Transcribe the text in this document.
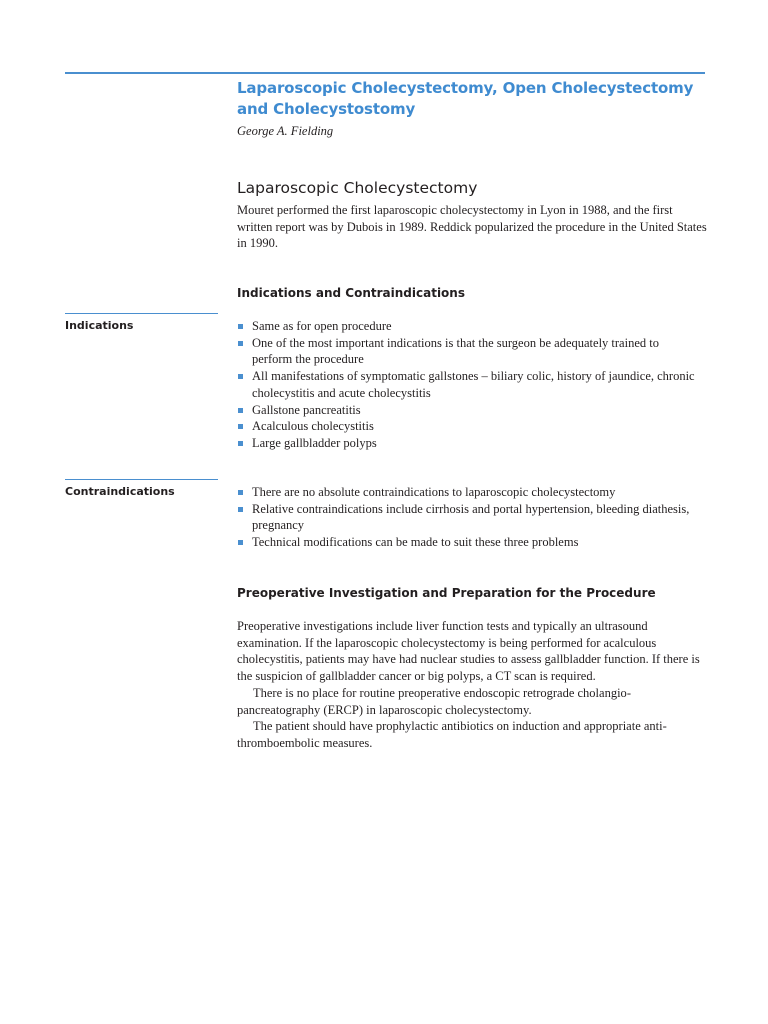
Laparoscopic Cholecystectomy, Open Cholecystectomy and Cholecystostomy

George A. Fielding

Laparoscopic Cholecystectomy

Mouret performed the first laparoscopic cholecystectomy in Lyon in 1988, and the first written report was by Dubois in 1989. Reddick popularized the procedure in the United States in 1990.

Indications and Contraindications

Indications	Same as for open procedure
One of the most important indications is that the surgeon be adequately trained to perform the procedure
All manifestations of symptomatic gallstones – biliary colic, history of jaundice, chronic cholecystitis and acute cholecystitis
Gallstone pancreatitis
Acalculous cholecystitis
Large gallbladder polyps

Contraindications	There are no absolute contraindications to laparoscopic cholecystectomy
Relative contraindications include cirrhosis and portal hypertension, bleeding diathesis, pregnancy
Technical modifications can be made to suit these three problems
Preoperative Investigation and Preparation for the Procedure

Preoperative investigations include liver function tests and typically an ultrasound examination. If the laparoscopic cholecystectomy is being performed for acalculous cholecystitis, patients may have had nuclear studies to assess gallbladder function. If there is the suspicion of gallbladder cancer or big polyps, a CT scan is required.

There is no place for routine preoperative endoscopic retrograde cholangiopancreatography (ERCP) in laparoscopic cholecystectomy.

The patient should have prophylactic antibiotics on induction and appropriate anti-thromboembolic measures.
